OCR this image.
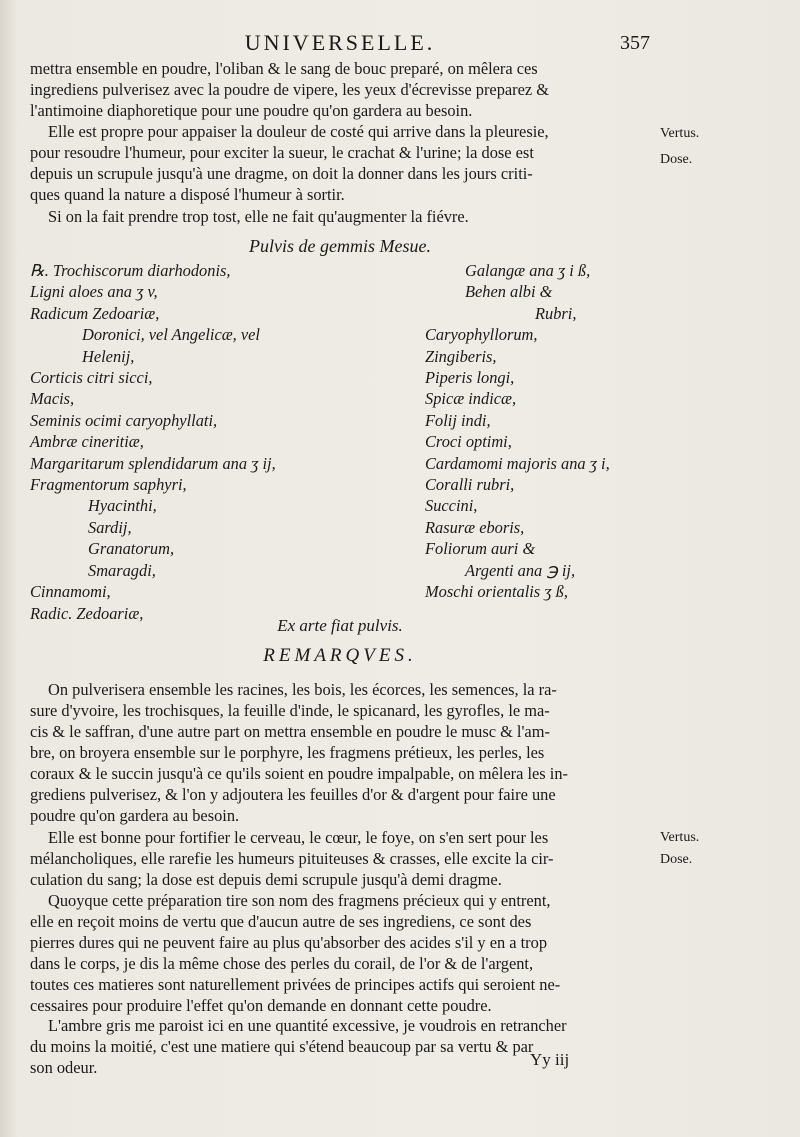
UNIVERSELLE.	357
mettra ensemble en poudre, l'oliban & le sang de bouc preparé, on mêlera ces
ingrediens pulverisez avec la poudre de vipere, les yeux d'écrevisse preparez &
l'antimoine diaphoretique pour une poudre qu'on gardera au besoin.
Elle est propre pour appaiser la douleur de costé qui arrive dans la pleuresie,
pour resoudre l'humeur, pour exciter la sueur, le crachat & l'urine; la dose est
depuis un scrupule jusqu'à une dragme, on doit la donner dans les jours criti-
ques quand la nature a disposé l'humeur à sortir.
Vertus.
Dose.
Si on la fait prendre trop tost, elle ne fait qu'augmenter la fiévre.
Pulvis de gemmis Mesue.
℞. Trochiscorum diarhodonis,
Ligni aloes ana ʒ v,
Radicum Zedoariæ,
Doronici, vel Angelicæ, vel
Helenij,
Corticis citri sicci,
Macis,
Seminis ocimi caryophyllati,
Ambræ cineritiæ,
Margaritarum splendidarum ana ʒ ij,
Fragmentorum saphyri,
Hyacinthi,
Sardij,
Granatorum,
Smaragdi,
Cinnamomi,
Radic. Zedoariæ,
Galangæ ana ʒ i ß,
Behen albi &
Rubri,
Caryophyllorum,
Zingiberis,
Piperis longi,
Spicæ indicæ,
Folij indi,
Croci optimi,
Cardamomi majoris ana ʒ i,
Coralli rubri,
Succini,
Rasuræ eboris,
Foliorum auri &
Argenti ana ℈ ij,
Moschi orientalis ʒ ß,
Ex arte fiat pulvis.
REMARQVES.
On pulverisera ensemble les racines, les bois, les écorces, les semences, la ra-
sure d'yvoire, les trochisques, la feuille d'inde, le spicanard, les gyrofles, le ma-
cis & le saffran, d'une autre part on mettra ensemble en poudre le musc & l'am-
bre, on broyera ensemble sur le porphyre, les fragmens prétieux, les perles, les
coraux & le succin jusqu'à ce qu'ils soient en poudre impalpable, on mêlera les in-
grediens pulverisez, & l'on y adjoutera les feuilles d'or & d'argent pour faire une
poudre qu'on gardera au besoin.
Elle est bonne pour fortifier le cerveau, le cœur, le foye, on s'en sert pour les
mélancholiques, elle rarefie les humeurs pituiteuses & crasses, elle excite la cir-
culation du sang; la dose est depuis demi scrupule jusqu'à demi dragme.
Vertus.
Dose.
Quoyque cette préparation tire son nom des fragmens précieux qui y entrent,
elle en reçoit moins de vertu que d'aucun autre de ses ingrediens, ce sont des
pierres dures qui ne peuvent faire au plus qu'absorber des acides s'il y en a trop
dans le corps, je dis la même chose des perles du corail, de l'or & de l'argent,
toutes ces matieres sont naturellement privées de principes actifs qui seroient ne-
cessaires pour produire l'effet qu'on demande en donnant cette poudre.
L'ambre gris me paroist ici en une quantité excessive, je voudrois en retrancher
du moins la moitié, c'est une matiere qui s'étend beaucoup par sa vertu & par
son odeur.	Yy iij
